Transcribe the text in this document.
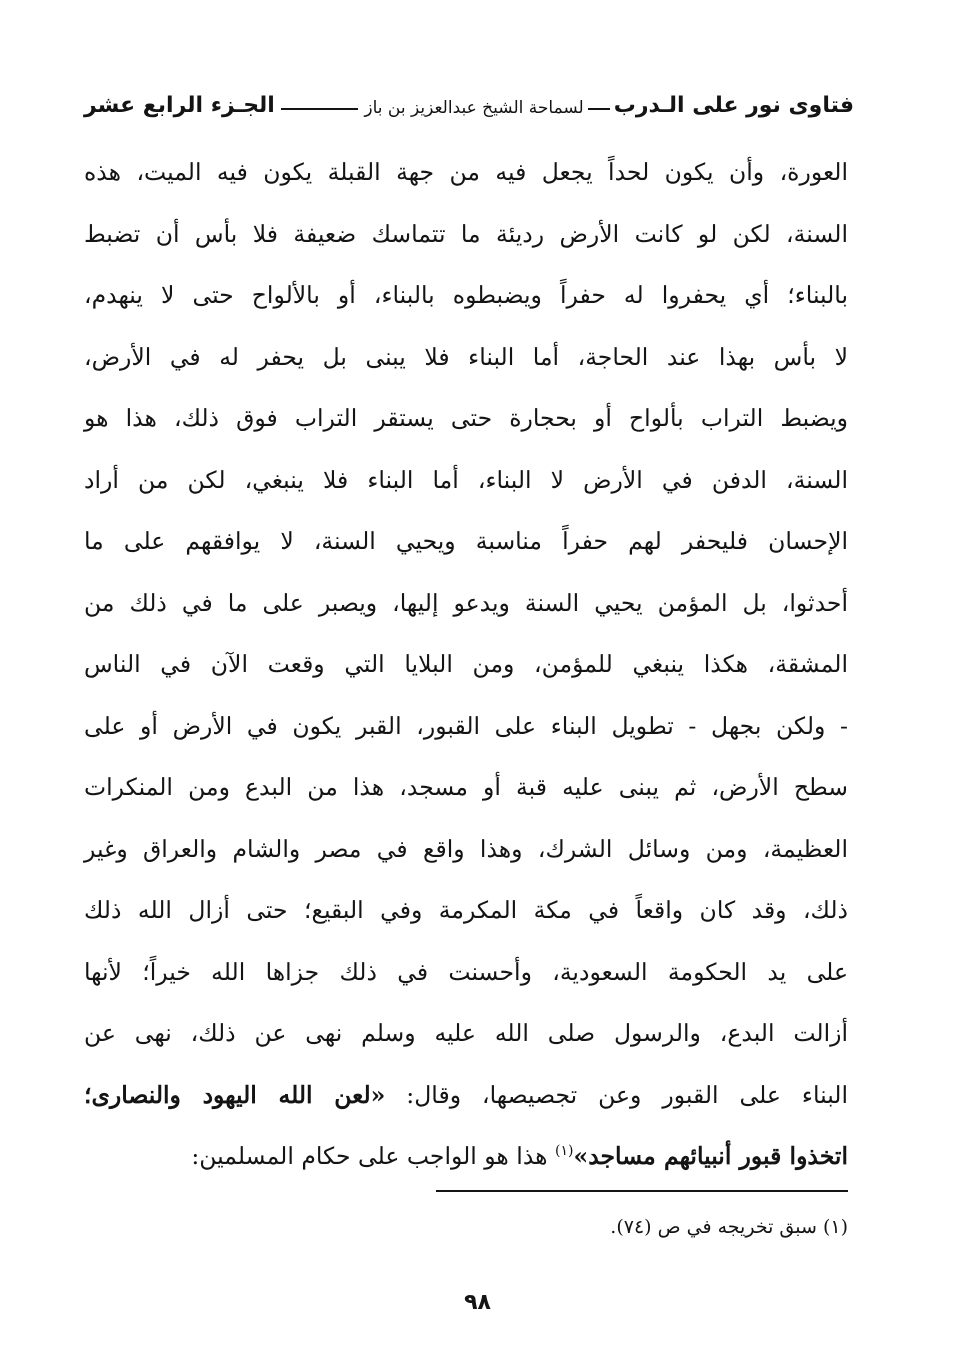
فتاوى نور على الـدرب
لسماحة الشيخ عبدالعزيز بن باز
الجـزء الرابع عشر
العورة، وأن يكون لحداً يجعل فيه من جهة القبلة يكون فيه الميت، هذه
السنة، لكن لو كانت الأرض رديئة ما تتماسك ضعيفة فلا بأس أن تضبط
بالبناء؛ أي يحفروا له حفراً ويضبطوه بالبناء، أو بالألواح حتى لا ينهدم،
لا بأس بهذا عند الحاجة، أما البناء فلا يبنى بل يحفر له في الأرض،
ويضبط التراب بألواح أو بحجارة حتى يستقر التراب فوق ذلك، هذا هو
السنة، الدفن في الأرض لا البناء، أما البناء فلا ينبغي، لكن من أراد
الإحسان فليحفر لهم حفراً مناسبة ويحيي السنة، لا يوافقهم على ما
أحدثوا، بل المؤمن يحيي السنة ويدعو إليها، ويصبر على ما في ذلك من
المشقة، هكذا ينبغي للمؤمن، ومن البلايا التي وقعت الآن في الناس
- ولكن بجهل - تطويل البناء على القبور، القبر يكون في الأرض أو على
سطح الأرض، ثم يبنى عليه قبة أو مسجد، هذا من البدع ومن المنكرات
العظيمة، ومن وسائل الشرك، وهذا واقع في مصر والشام والعراق وغير
ذلك، وقد كان واقعاً في مكة المكرمة وفي البقيع؛ حتى أزال الله ذلك
على يد الحكومة السعودية، وأحسنت في ذلك جزاها الله خيراً؛ لأنها
أزالت البدع، والرسول صلى الله عليه وسلم نهى عن ذلك، نهى عن
البناء على القبور وعن تجصيصها، وقال: «لعن الله اليهود والنصارى؛
اتخذوا قبور أنبيائهم مساجد»$^{(١)}$ هذا هو الواجب على حكام المسلمين:
(١) سبق تخريجه في ص (٧٤).
٩٨
